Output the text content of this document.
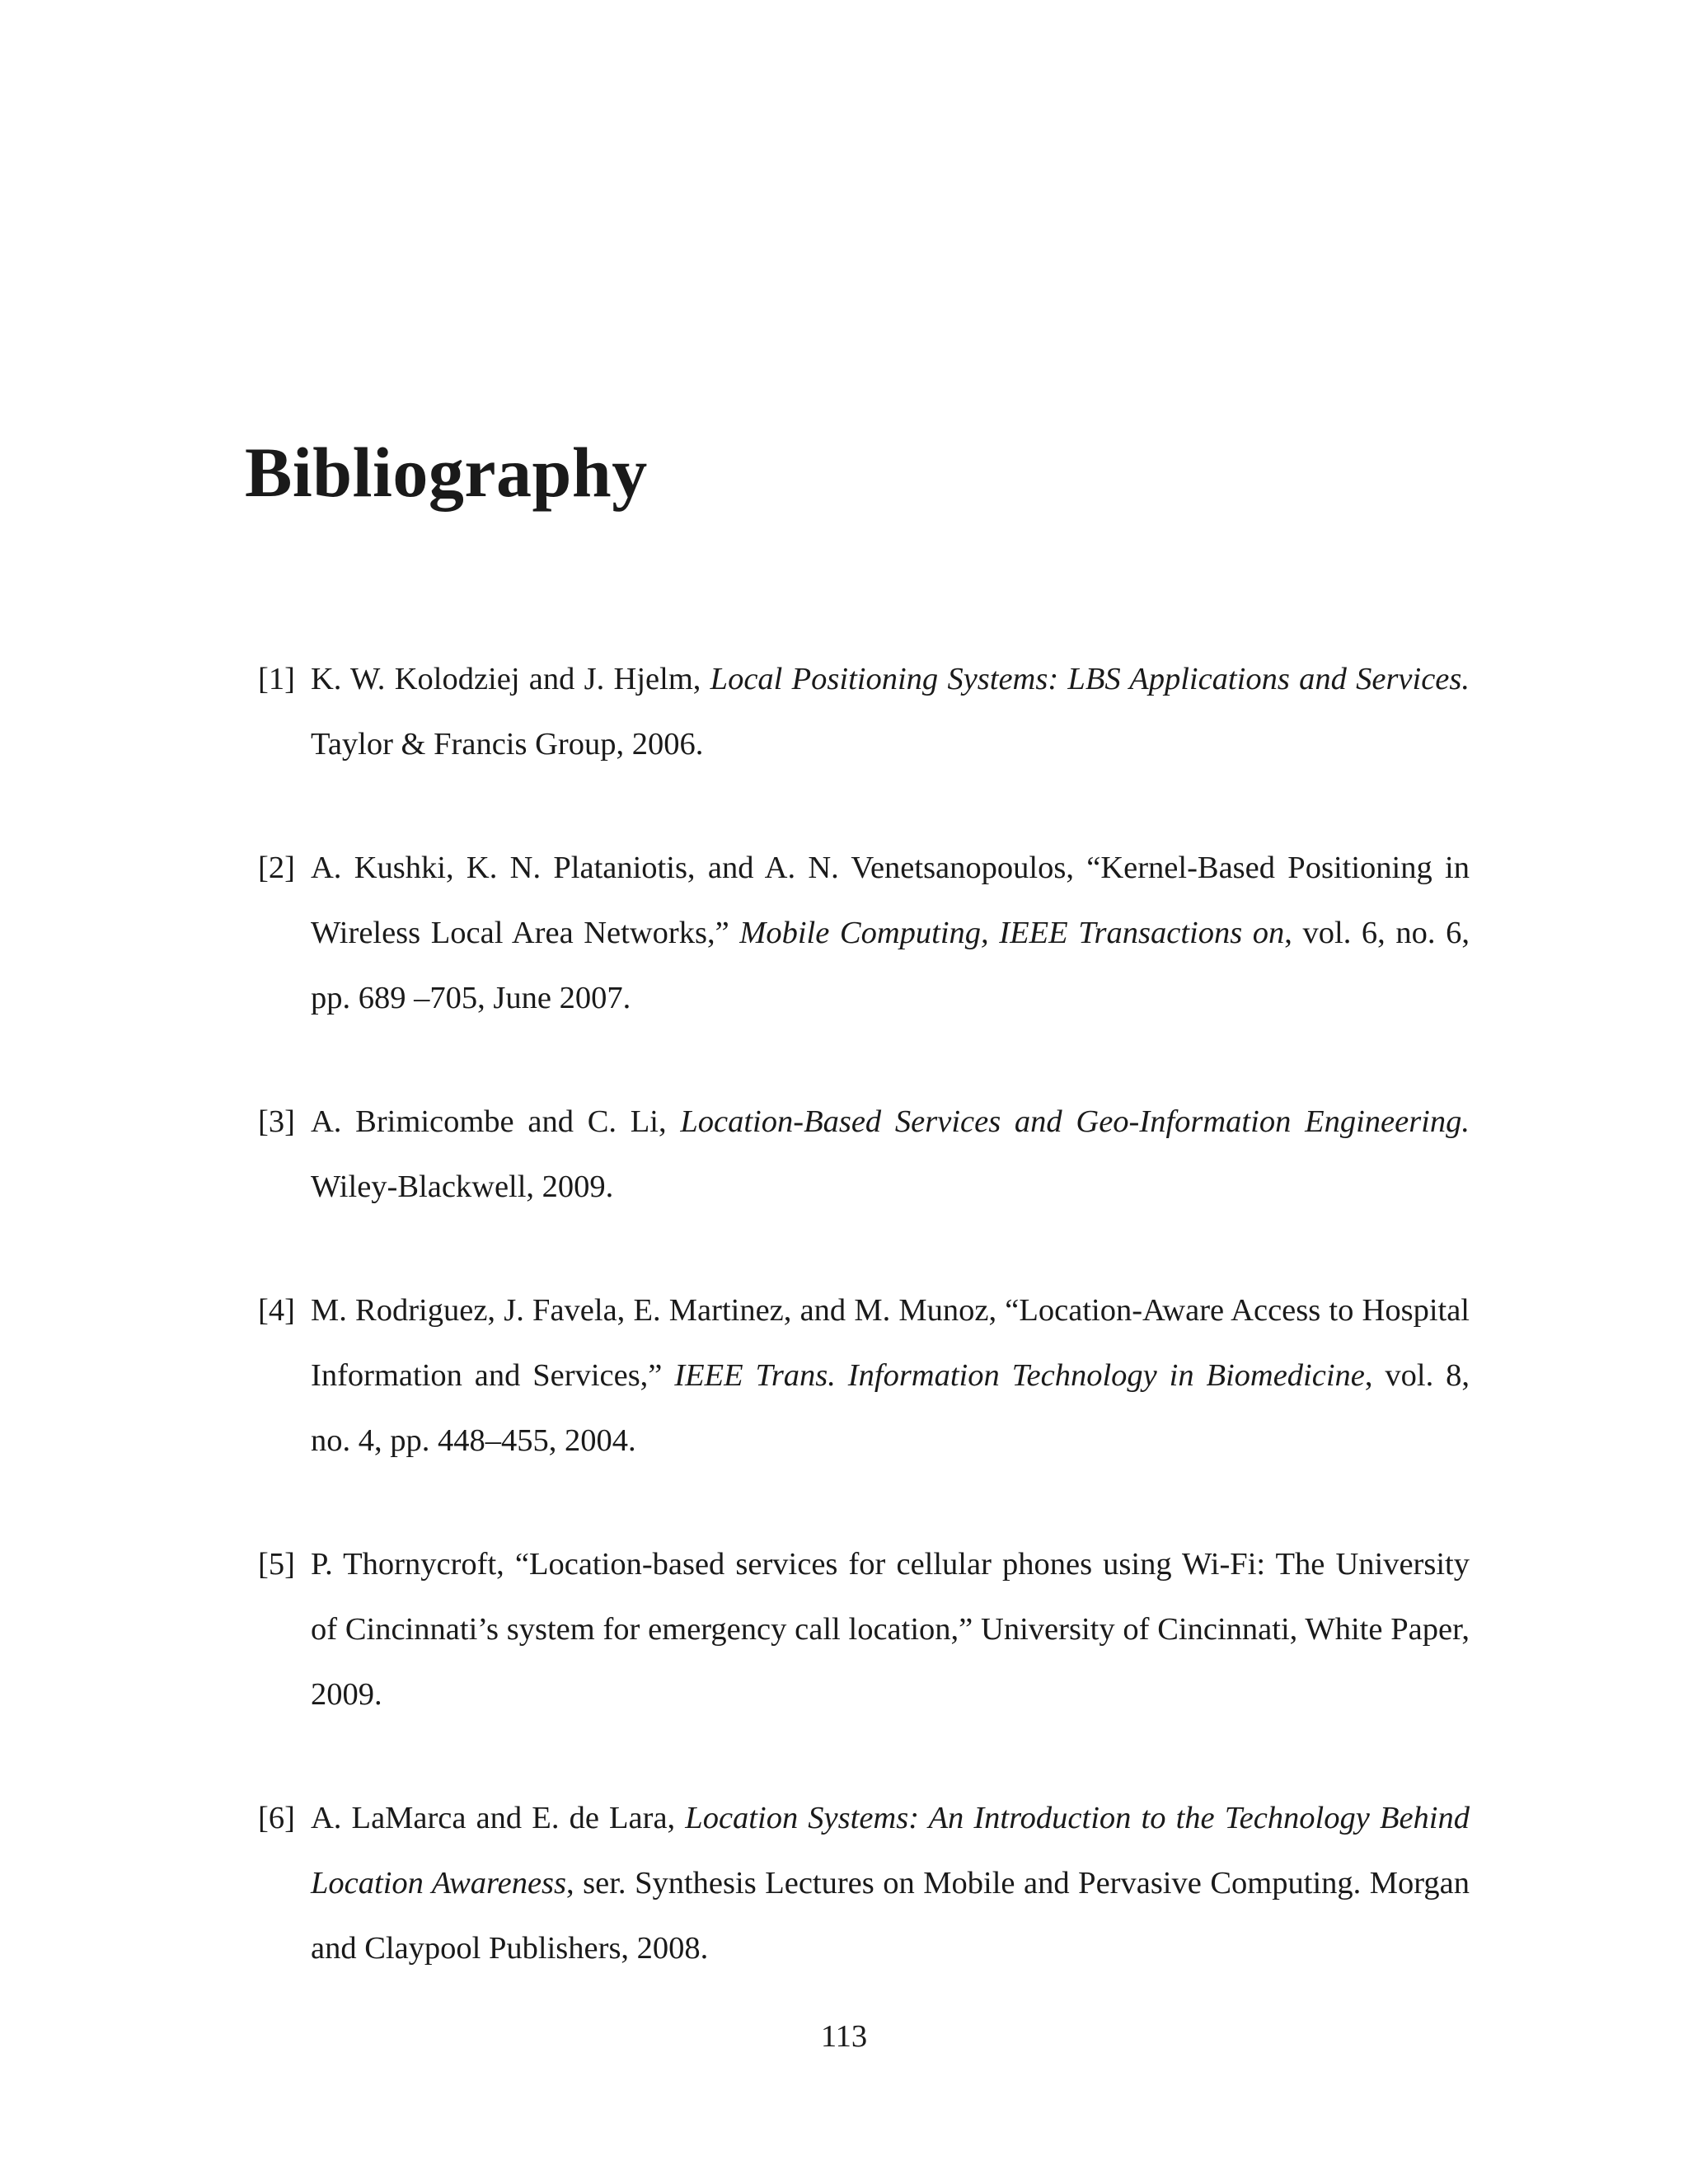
Bibliography
[1] K. W. Kolodziej and J. Hjelm, Local Positioning Systems: LBS Applications and Services. Taylor & Francis Group, 2006.
[2] A. Kushki, K. N. Plataniotis, and A. N. Venetsanopoulos, “Kernel-Based Positioning in Wireless Local Area Networks,” Mobile Computing, IEEE Transactions on, vol. 6, no. 6, pp. 689 –705, June 2007.
[3] A. Brimicombe and C. Li, Location-Based Services and Geo-Information Engineering. Wiley-Blackwell, 2009.
[4] M. Rodriguez, J. Favela, E. Martinez, and M. Munoz, “Location-Aware Access to Hospital Information and Services,” IEEE Trans. Information Technology in Biomedicine, vol. 8, no. 4, pp. 448–455, 2004.
[5] P. Thornycroft, “Location-based services for cellular phones using Wi-Fi: The University of Cincinnati’s system for emergency call location,” University of Cincinnati, White Paper, 2009.
[6] A. LaMarca and E. de Lara, Location Systems: An Introduction to the Technology Behind Location Awareness, ser. Synthesis Lectures on Mobile and Pervasive Computing. Morgan and Claypool Publishers, 2008.
113
